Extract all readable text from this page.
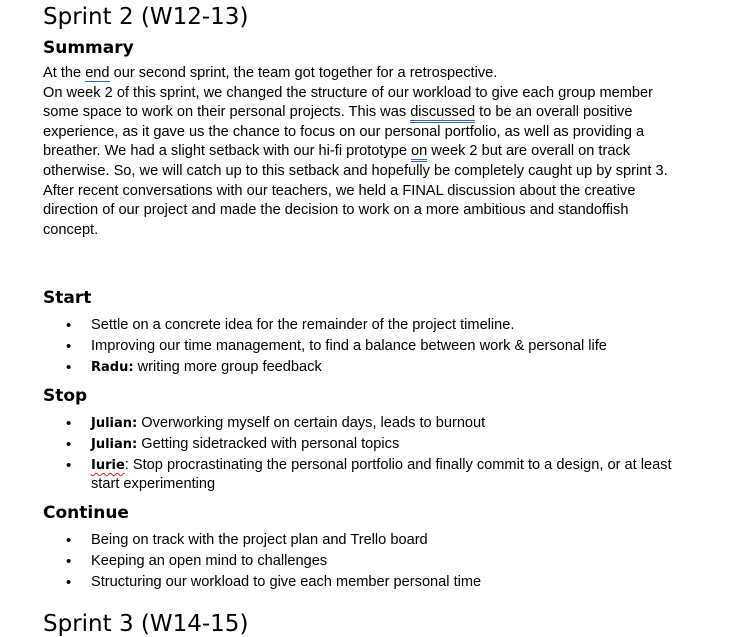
Sprint 2 (W12-13)
Summary

At the end our second sprint, the team got together for a retrospective.

On week 2 of this sprint, we changed the structure of our workload to give each group member some space to work on their personal projects. This was discussed to be an overall positive experience, as it gave us the chance to focus on our personal portfolio, as well as providing a breather. We had a slight setback with our hi-fi prototype on week 2 but are overall on track otherwise. So, we will catch up to this setback and hopefully be completely caught up by sprint 3.

After recent conversations with our teachers, we held a FINAL discussion about the creative direction of our project and made the decision to work on a more ambitious and standoffish concept.

Start
• Settle on a concrete idea for the remainder of the project timeline.
• Improving our time management, to find a balance between work & personal life
• Radu: writing more group feedback
Stop
• Julian: Overworking myself on certain days, leads to burnout
• Julian: Getting sidetracked with personal topics
• Iurie: Stop procrastinating the personal portfolio and finally commit to a design, or at least start experimenting
Continue
• Being on track with the project plan and Trello board
• Keeping an open mind to challenges
• Structuring our workload to give each member personal time
Sprint 3 (W14-15)
